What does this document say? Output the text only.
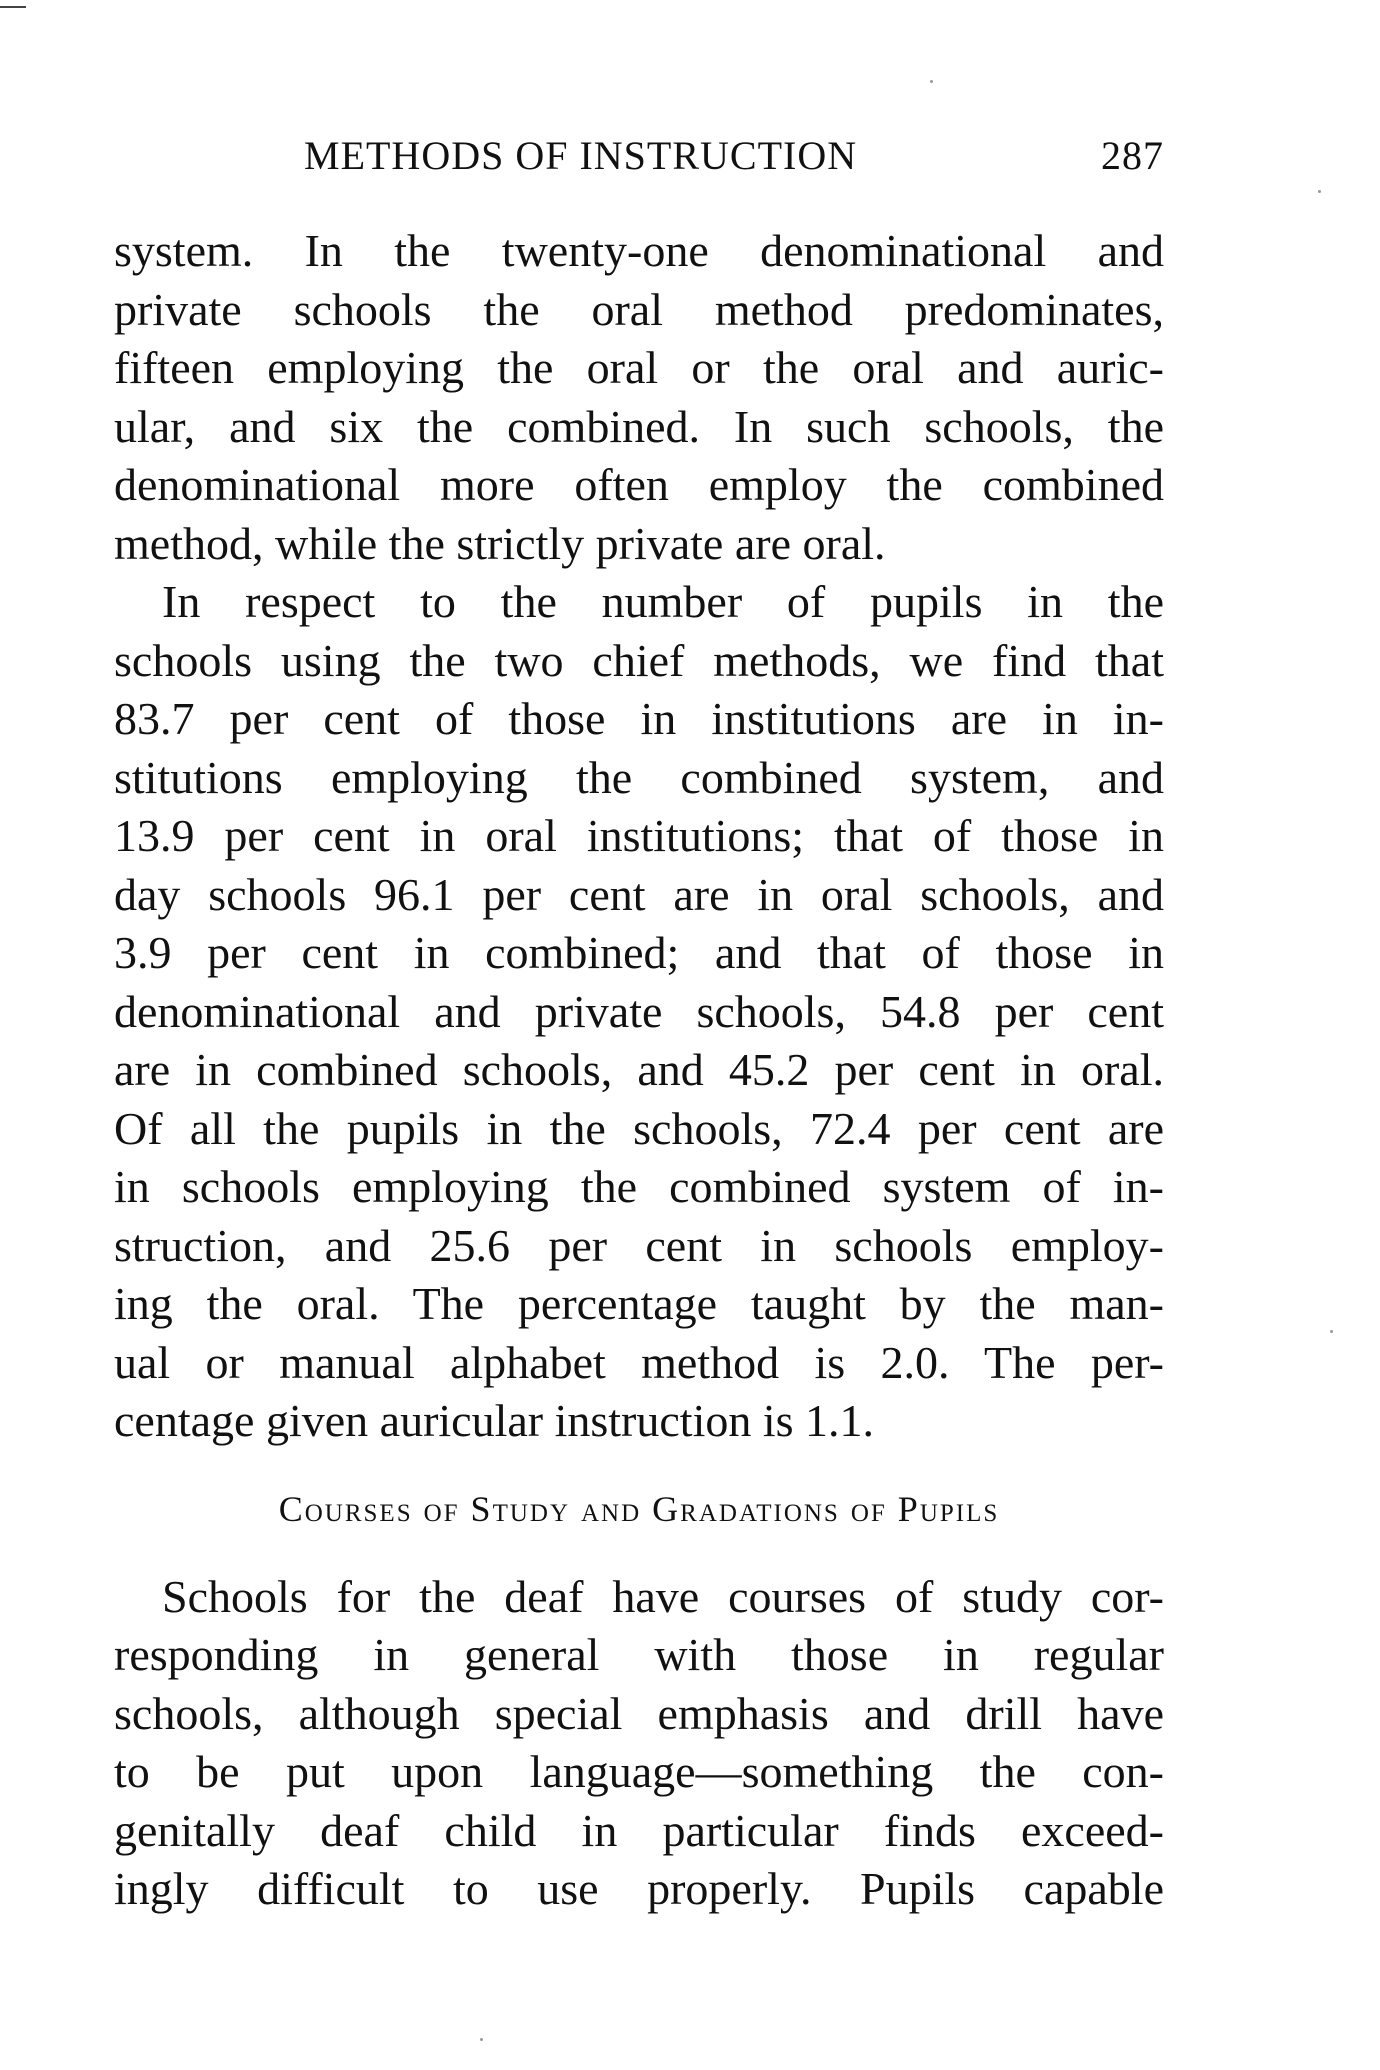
METHODS OF INSTRUCTION	287
system. In the twenty-one denominational and
private schools the oral method predominates,
fifteen employing the oral or the oral and auric-
ular, and six the combined. In such schools, the
denominational more often employ the combined
method, while the strictly private are oral.
In respect to the number of pupils in the
schools using the two chief methods, we find that
83.7 per cent of those in institutions are in in-
stitutions employing the combined system, and
13.9 per cent in oral institutions; that of those in
day schools 96.1 per cent are in oral schools, and
3.9 per cent in combined; and that of those in
denominational and private schools, 54.8 per cent
are in combined schools, and 45.2 per cent in oral.
Of all the pupils in the schools, 72.4 per cent are
in schools employing the combined system of in-
struction, and 25.6 per cent in schools employ-
ing the oral. The percentage taught by the man-
ual or manual alphabet method is 2.0. The per-
centage given auricular instruction is 1.1.
Courses of Study and Gradations of Pupils
Schools for the deaf have courses of study cor-
responding in general with those in regular
schools, although special emphasis and drill have
to be put upon language—something the con-
genitally deaf child in particular finds exceed-
ingly difficult to use properly. Pupils capable
